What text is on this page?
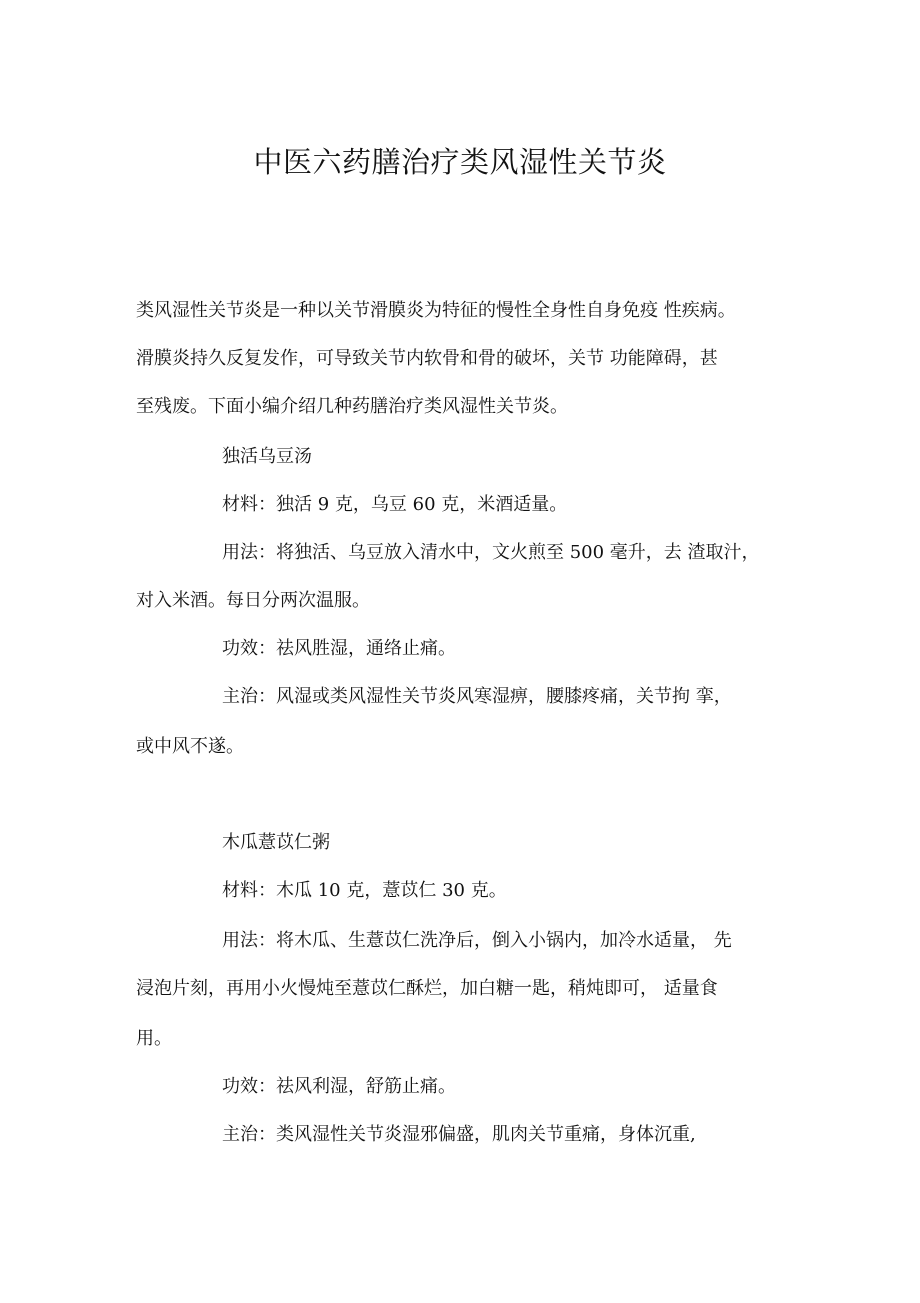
中医六药膳治疗类风湿性关节炎

类风湿性关节炎是一种以关节滑膜炎为特征的慢性全身性自身免疫 性疾病。

滑膜炎持久反复发作，可导致关节内软骨和骨的破坏，关节 功能障碍，甚

至残废。下面小编介绍几种药膳治疗类风湿性关节炎。

独活乌豆汤

材料：独活 9 克，乌豆 60 克，米酒适量。

用法：将独活、乌豆放入清水中，文火煎至 500 毫升，去 渣取汁，

对入米酒。每日分两次温服。

功效：祛风胜湿，通络止痛。

主治：风湿或类风湿性关节炎风寒湿痹，腰膝疼痛，关节拘 挛，

或中风不遂。

木瓜薏苡仁粥

材料：木瓜 10 克，薏苡仁 30 克。

用法：将木瓜、生薏苡仁洗净后，倒入小锅内，加冷水适量， 先

浸泡片刻，再用小火慢炖至薏苡仁酥烂，加白糖一匙，稍炖即可， 适量食

用。

功效：祛风利湿，舒筋止痛。

主治：类风湿性关节炎湿邪偏盛，肌肉关节重痛，身体沉重,
